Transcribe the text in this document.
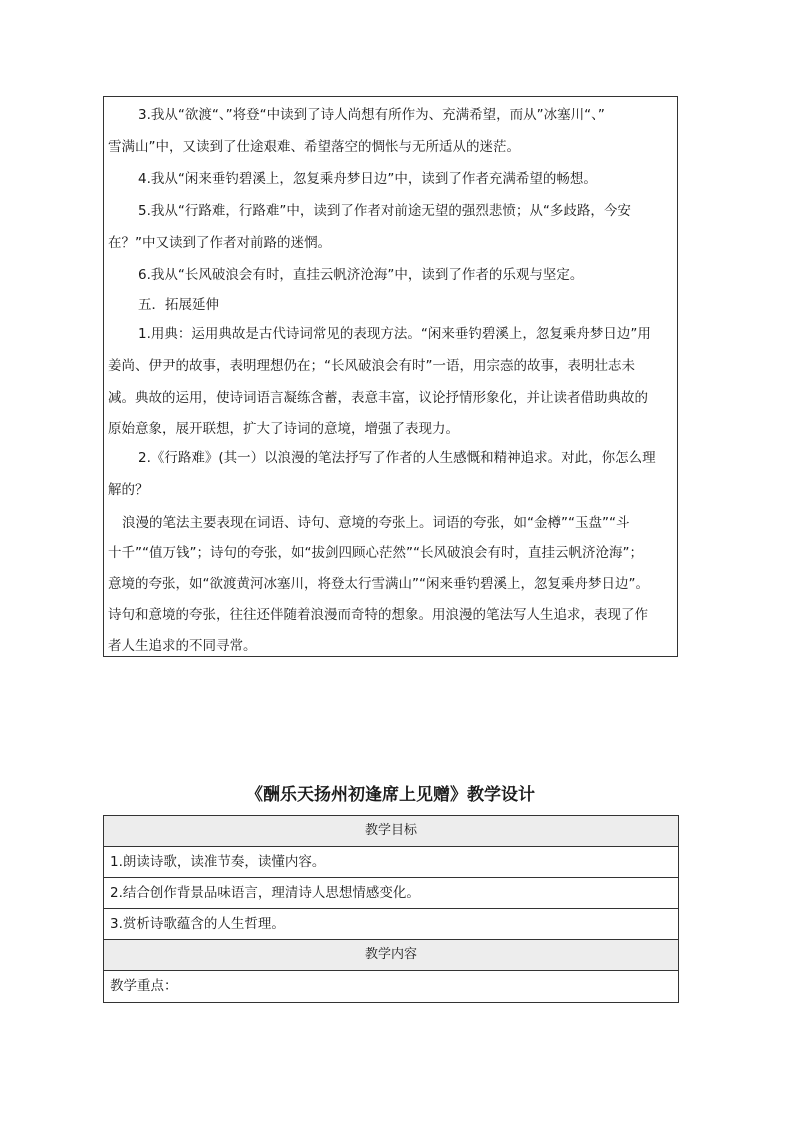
3.我从“欲渡“、”将登“中读到了诗人尚想有所作为、充满希望，而从”冰塞川“、”
雪满山”中，又读到了仕途艰难、希望落空的惆怅与无所适从的迷茫。
4.我从“闲来垂钓碧溪上，忽复乘舟梦日边”中，读到了作者充满希望的畅想。
5.我从“行路难，行路难”中，读到了作者对前途无望的强烈悲愤；从“多歧路，今安
在？”中又读到了作者对前路的迷惘。
6.我从“长风破浪会有时，直挂云帆济沧海”中，读到了作者的乐观与坚定。
五．拓展延伸
1.用典：运用典故是古代诗词常见的表现方法。“闲来垂钓碧溪上，忽复乘舟梦日边”用
姜尚、伊尹的故事，表明理想仍在；“长风破浪会有时”一语，用宗悫的故事，表明壮志未
减。典故的运用，使诗词语言凝练含蓄，表意丰富，议论抒情形象化，并让读者借助典故的
原始意象，展开联想，扩大了诗词的意境，增强了表现力。
2.《行路难》(其一）以浪漫的笔法抒写了作者的人生感慨和精神追求。对此，你怎么理
解的？
浪漫的笔法主要表现在词语、诗句、意境的夸张上。词语的夸张，如“金樽”“玉盘”“斗
十千”“值万钱”；诗句的夸张，如“拔剑四顾心茫然”“长风破浪会有时，直挂云帆济沧海”；
意境的夸张，如“欲渡黄河冰塞川，将登太行雪满山”“闲来垂钓碧溪上，忽复乘舟梦日边”。
诗句和意境的夸张，往往还伴随着浪漫而奇特的想象。用浪漫的笔法写人生追求，表现了作
者人生追求的不同寻常。
《酬乐天扬州初逢席上见赠》教学设计
教学目标
1.朗读诗歌，读准节奏，读懂内容。
2.结合创作背景品味语言，理清诗人思想情感变化。
3.赏析诗歌蕴含的人生哲理。
教学内容
教学重点：
